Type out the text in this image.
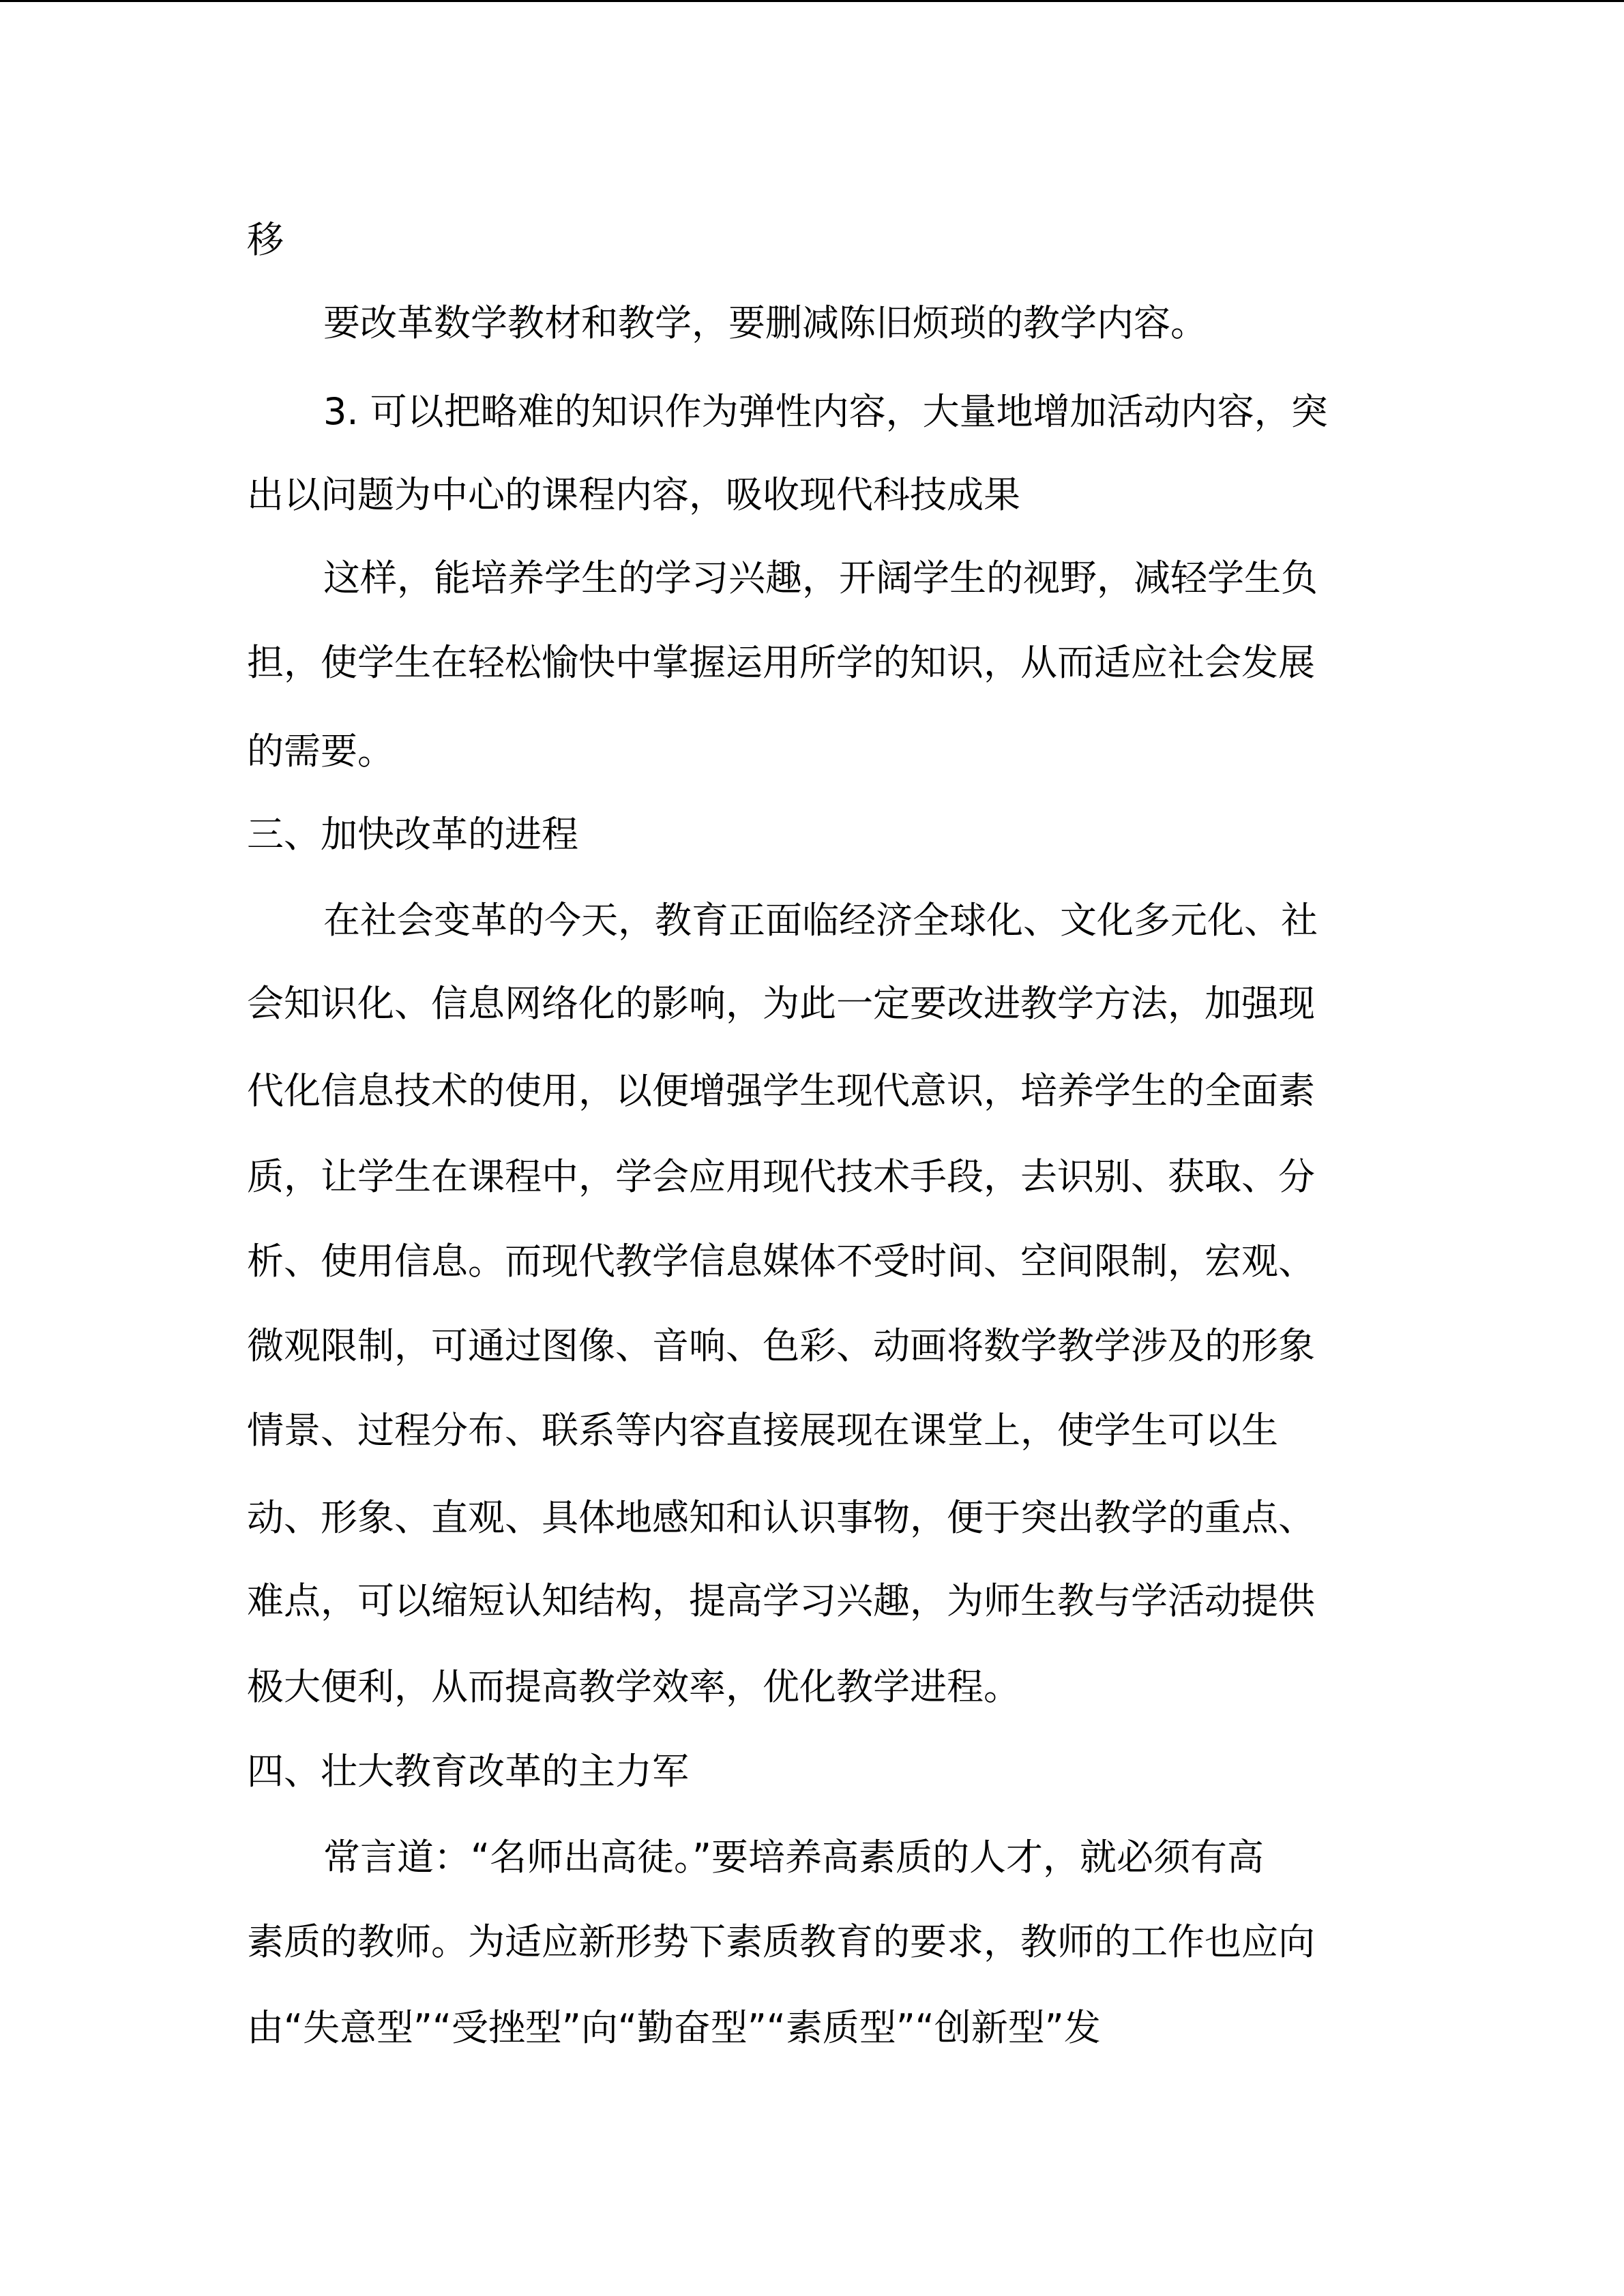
移
要改革数学教材和教学，要删减陈旧烦琐的教学内容。
3. 可以把略难的知识作为弹性内容，大量地增加活动内容，突
出以问题为中心的课程内容，吸收现代科技成果
这样，能培养学生的学习兴趣，开阔学生的视野，减轻学生负
担，使学生在轻松愉快中掌握运用所学的知识，从而适应社会发展
的需要。
三、加快改革的进程
在社会变革的今天，教育正面临经济全球化、文化多元化、社
会知识化、信息网络化的影响，为此一定要改进教学方法，加强现
代化信息技术的使用，以便增强学生现代意识，培养学生的全面素
质，让学生在课程中，学会应用现代技术手段，去识别、获取、分
析、使用信息。而现代教学信息媒体不受时间、空间限制，宏观、
微观限制，可通过图像、音响、色彩、动画将数学教学涉及的形象
情景、过程分布、联系等内容直接展现在课堂上，使学生可以生
动、形象、直观、具体地感知和认识事物，便于突出教学的重点、
难点，可以缩短认知结构，提高学习兴趣，为师生教与学活动提供
极大便利，从而提高教学效率，优化教学进程。
四、壮大教育改革的主力军
常言道：“名师出高徒。”要培养高素质的人才，就必须有高
素质的教师。为适应新形势下素质教育的要求，教师的工作也应向
由“失意型”“受挫型”向“勤奋型”“素质型”“创新型”发
